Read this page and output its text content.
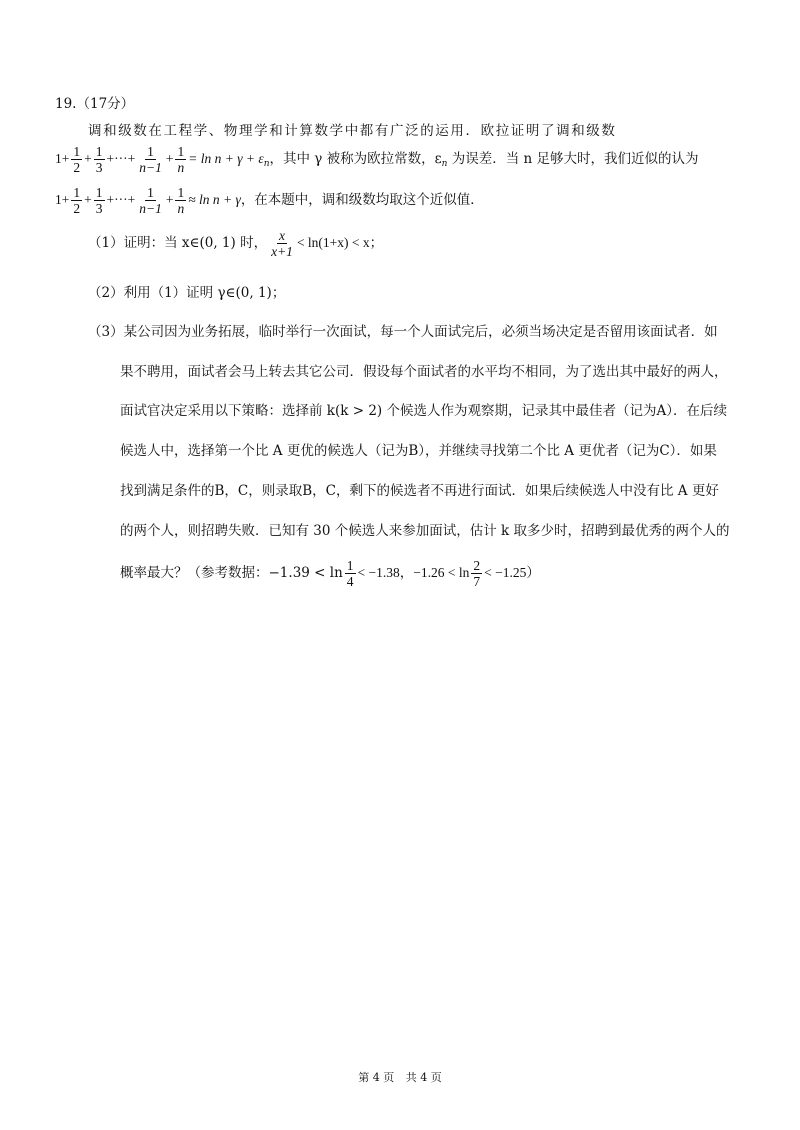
19.（17分）
调和级数在工程学、物理学和计算数学中都有广泛的运用．欧拉证明了调和级数
$1+ \frac{1}{2} + \frac{1}{3}$ +···+ $\frac{1}{n-1} + \frac{1}{n} = \ln n + \gamma + \varepsilon_n$，其中 γ 被称为欧拉常数，$\varepsilon_n$ 为误差．当 n 足够大时，我们近似的认为
$1+ \frac{1}{2} + \frac{1}{3}$ +···+ $\frac{1}{n-1} + \frac{1}{n} \approx \ln n + \gamma$，在本题中，调和级数均取这个近似值．
（1）证明：当 x∈(0, 1) 时， $\frac{x}{x+1} < \ln(1+x) < x$；
（2）利用（1）证明 γ∈(0, 1)；
（3）某公司因为业务拓展，临时举行一次面试，每一个人面试完后，必须当场决定是否留用该面试者．如
果不聘用，面试者会马上转去其它公司．假设每个面试者的水平均不相同，为了选出其中最好的两人，
面试官决定采用以下策略：选择前 k(k > 2) 个候选人作为观察期，记录其中最佳者（记为A）．在后续
候选人中，选择第一个比 A 更优的候选人（记为B），并继续寻找第二个比 A 更优者（记为C）．如果
找到满足条件的B，C，则录取B，C，剩下的候选者不再进行面试．如果后续候选人中没有比 A 更好
的两个人，则招聘失败．已知有 30 个候选人来参加面试，估计 k 取多少时，招聘到最优秀的两个人的
概率最大？（参考数据：$-1.39 < \ln \frac{1}{4} < -1.38$，$-1.26 < \ln \frac{2}{7} < -1.25$）
第 4 页 共 4 页
